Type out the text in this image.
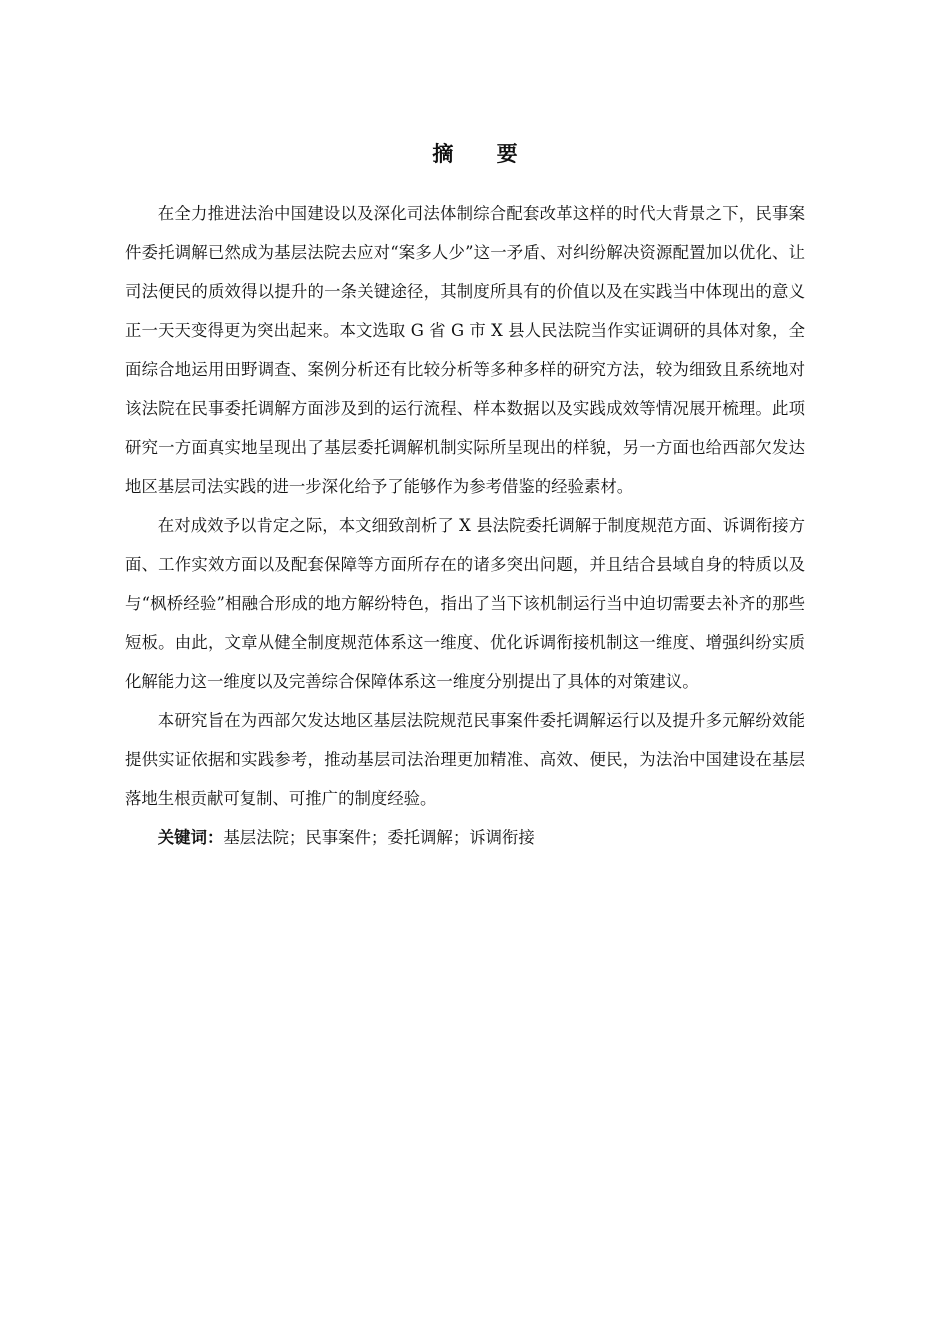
摘 要

在全力推进法治中国建设以及深化司法体制综合配套改革这样的时代大背景之下，民事案件委托调解已然成为基层法院去应对“案多人少”这一矛盾、对纠纷解决资源配置加以优化、让司法便民的质效得以提升的一条关键途径，其制度所具有的价值以及在实践当中体现出的意义正一天天变得更为突出起来。本文选取 G 省 G 市 X 县人民法院当作实证调研的具体对象，全面综合地运用田野调查、案例分析还有比较分析等多种多样的研究方法，较为细致且系统地对该法院在民事委托调解方面涉及到的运行流程、样本数据以及实践成效等情况展开梳理。此项研究一方面真实地呈现出了基层委托调解机制实际所呈现出的样貌，另一方面也给西部欠发达地区基层司法实践的进一步深化给予了能够作为参考借鉴的经验素材。

在对成效予以肯定之际，本文细致剖析了 X 县法院委托调解于制度规范方面、诉调衔接方面、工作实效方面以及配套保障等方面所存在的诸多突出问题，并且结合县域自身的特质以及与“枫桥经验”相融合形成的地方解纷特色，指出了当下该机制运行当中迫切需要去补齐的那些短板。由此，文章从健全制度规范体系这一维度、优化诉调衔接机制这一维度、增强纠纷实质化解能力这一维度以及完善综合保障体系这一维度分别提出了具体的对策建议。

本研究旨在为西部欠发达地区基层法院规范民事案件委托调解运行以及提升多元解纷效能提供实证依据和实践参考，推动基层司法治理更加精准、高效、便民，为法治中国建设在基层落地生根贡献可复制、可推广的制度经验。

关键词：基层法院；民事案件；委托调解；诉调衔接
